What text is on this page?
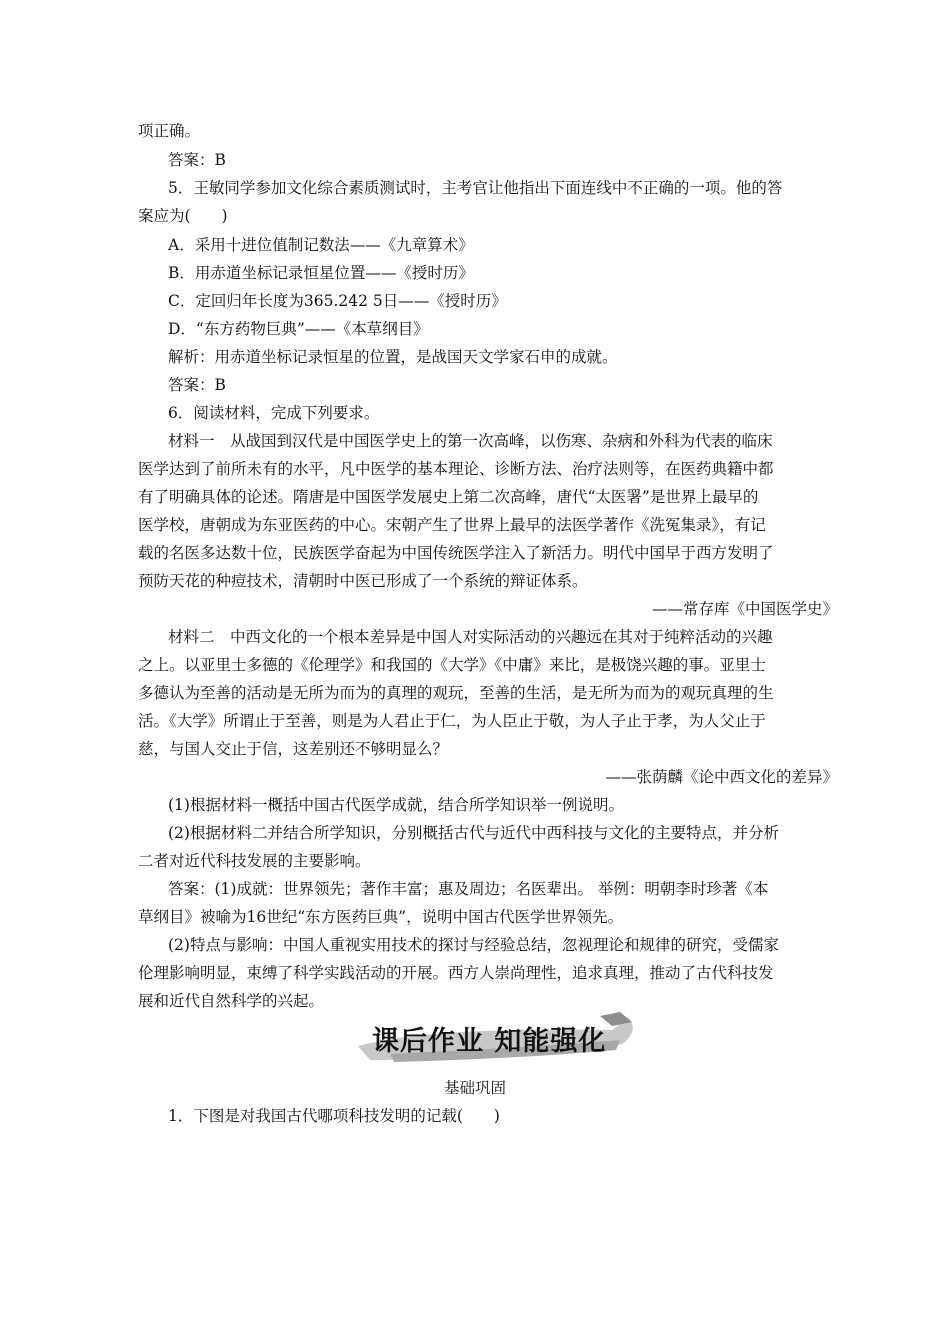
项正确。
答案：B
5．王敏同学参加文化综合素质测试时，主考官让他指出下面连线中不正确的一项。他的答
案应为(　　)
A．采用十进位值制记数法——《九章算术》
B．用赤道坐标记录恒星位置——《授时历》
C．定回归年长度为365.242 5日——《授时历》
D．“东方药物巨典”——《本草纲目》
解析：用赤道坐标记录恒星的位置，是战国天文学家石申的成就。
答案：B
6．阅读材料，完成下列要求。
材料一　从战国到汉代是中国医学史上的第一次高峰，以伤寒、杂病和外科为代表的临床
医学达到了前所未有的水平，凡中医学的基本理论、诊断方法、治疗法则等，在医药典籍中都
有了明确具体的论述。隋唐是中国医学发展史上第二次高峰，唐代“太医署”是世界上最早的
医学校，唐朝成为东亚医药的中心。宋朝产生了世界上最早的法医学著作《洗冤集录》，有记
载的名医多达数十位，民族医学奋起为中国传统医学注入了新活力。明代中国早于西方发明了
预防天花的种痘技术，清朝时中医已形成了一个系统的辩证体系。
——常存库《中国医学史》
材料二　中西文化的一个根本差异是中国人对实际活动的兴趣远在其对于纯粹活动的兴趣
之上。以亚里士多德的《伦理学》和我国的《大学》《中庸》来比，是极饶兴趣的事。亚里士
多德认为至善的活动是无所为而为的真理的观玩，至善的生活，是无所为而为的观玩真理的生
活。《大学》所谓止于至善，则是为人君止于仁，为人臣止于敬，为人子止于孝，为人父止于
慈，与国人交止于信，这差别还不够明显么？
——张荫麟《论中西文化的差异》
(1)根据材料一概括中国古代医学成就，结合所学知识举一例说明。
(2)根据材料二并结合所学知识，分别概括古代与近代中西科技与文化的主要特点，并分析
二者对近代科技发展的主要影响。
答案：(1)成就：世界领先；著作丰富；惠及周边；名医辈出。 举例：明朝李时珍著《本
草纲目》被喻为16世纪“东方医药巨典”，说明中国古代医学世界领先。
(2)特点与影响：中国人重视实用技术的探讨与经验总结，忽视理论和规律的研究，受儒家
伦理影响明显，束缚了科学实践活动的开展。西方人崇尚理性，追求真理，推动了古代科技发
展和近代自然科学的兴起。
课后作业 知能强化
基础巩固
1．下图是对我国古代哪项科技发明的记载(　　)
